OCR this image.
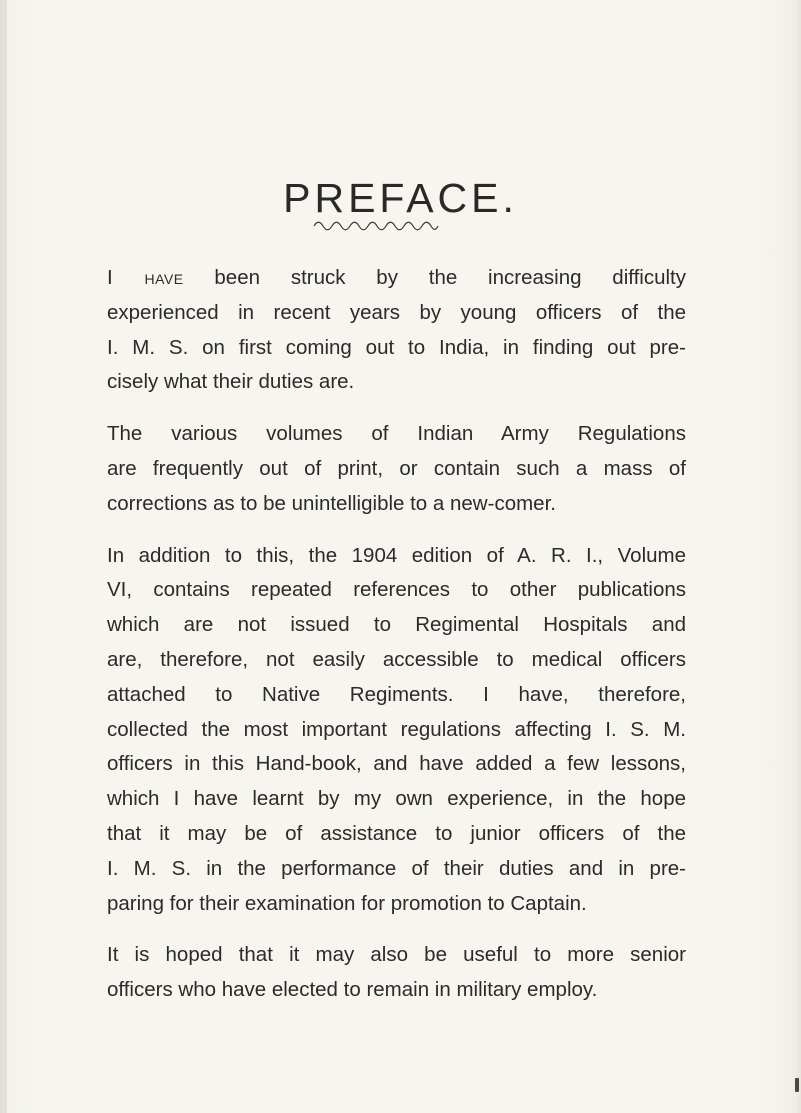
PREFACE.

I have been struck by the increasing difficulty
experienced in recent years by young officers of the
I. M. S. on first coming out to India, in finding out pre-
cisely what their duties are.

The various volumes of Indian Army Regulations
are frequently out of print, or contain such a mass of
corrections as to be unintelligible to a new-comer.

In addition to this, the 1904 edition of A. R. I., Volume
VI, contains repeated references to other publications
which are not issued to Regimental Hospitals and
are, therefore, not easily accessible to medical officers
attached to Native Regiments. I have, therefore,
collected the most important regulations affecting I. S. M.
officers in this Hand-book, and have added a few lessons,
which I have learnt by my own experience, in the hope
that it may be of assistance to junior officers of the
I. M. S. in the performance of their duties and in pre-
paring for their examination for promotion to Captain.

It is hoped that it may also be useful to more senior
officers who have elected to remain in military employ.
